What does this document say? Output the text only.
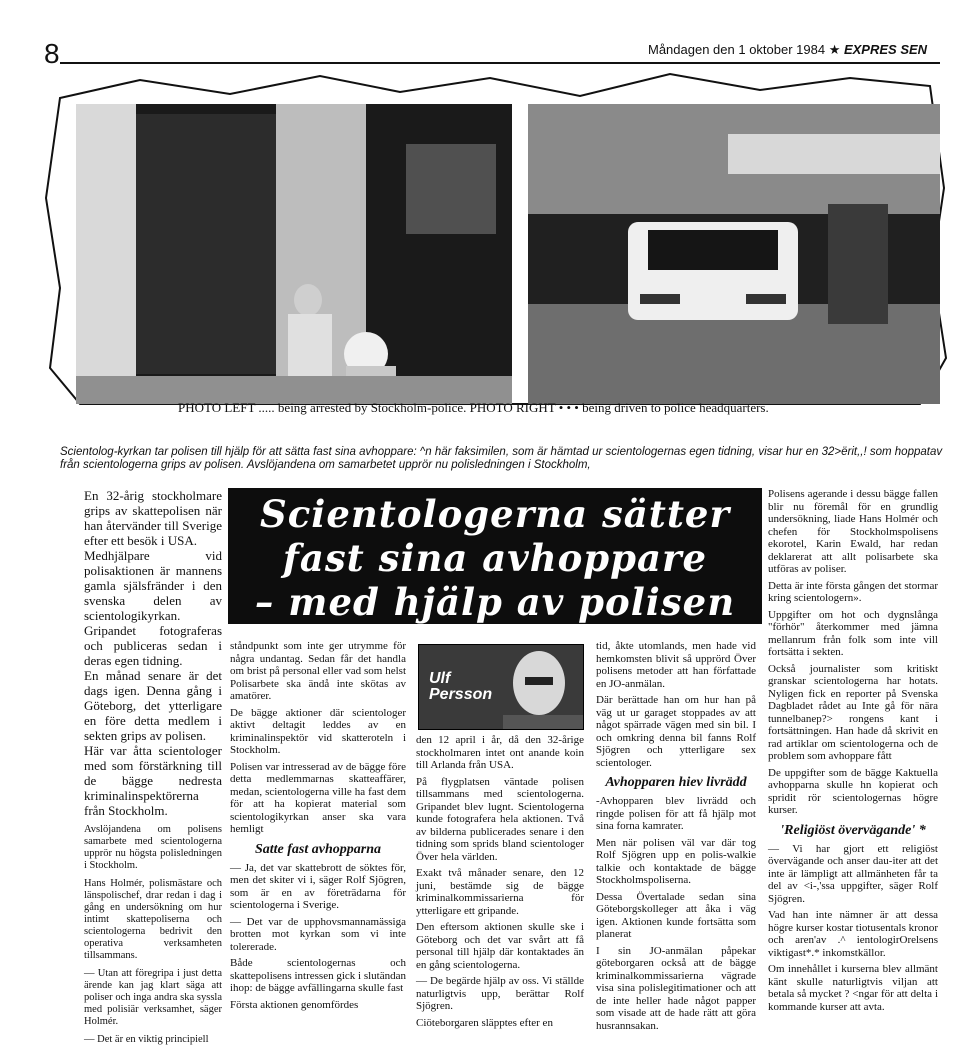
8	Måndagen den 1 oktober 1984 ★ EXPRES SEN
PHOTO LEFT ..... being arrested by Stockholm-police. PHOTO RIGHT • • • being driven to police headquarters.
Scientolog-kyrkan tar polisen till hjälp för att sätta fast sina avhoppare: ^n här faksimilen, som är hämtad ur scientologernas egen tidning, visar hur en 32>ërit,,! som hoppatav från scientologerna grips av polisen. Avslöjandena om samarbetet upprör nu polisledningen i Stockholm,
Scientologerna sätter
fast sina avhoppare
– med hjälp av polisen

En 32-årig stockholmare grips av skattepolisen när han återvänder till Sverige efter ett besök i USA.

Medhjälpare vid polisaktionen är mannens gamla själsfränder i den svenska delen av scientologikyrkan. Gripandet fotograferas och publiceras sedan i deras egen tidning.

En månad senare är det dags igen. Denna gång i Göteborg, det ytterligare en före detta medlem i sekten grips av polisen.

Här var åtta scientologer med som förstärkning till de bägge nedresta kriminalinspektörerna från Stockholm.

Avslöjandena om polisens samarbete med scientologerna upprör nu högsta polisledningen i Stockholm.

Hans Holmér, polismästare och länspolischef, drar redan i dag i gång en undersökning om hur intimt skattepoliserna och scientologerna bedrivit den operativa verksamheten tillsammans.

— Utan att föregripa i just detta ärende kan jag klart säga att poliser och inga andra ska syssla med polisiär verksamhet, säger Holmér.

— Det är en viktig principiell

ståndpunkt som inte ger utrymme för några undantag. Sedan får det handla om brist på personal eller vad som helst Polisarbete ska ändå inte skötas av amatörer.

De bägge aktioner där scientologer aktivt deltagit leddes av en kriminalinspektör vid skatteroteln i Stockholm.

Polisen var intresserad av de bägge före detta medlemmarnas skatteaffärer, medan, scientologerna ville ha fast dem för att ha kopierat material som scientologikyrkan anser ska vara hemligt

Satte fast avhopparna

— Ja, det var skattebrott de söktes för, men det skiter vi i, säger Rolf Sjögren, som är en av företrädarna för scientologerna i Sverige.

— Det var de upphovsmannamässiga brotten mot kyrkan som vi inte tolererade.

Både scientologernas och skattepolisens intressen gick i slutändan ihop: de bägge avfällingarna skulle fast

Första aktionen genomfördes

Ulf
Persson

den 12 april i år, då den 32-årige stockholmaren intet ont anande koin till Arlanda från USA.

På flygplatsen väntade polisen tillsammans med scientologerna. Gripandet blev lugnt. Scientologerna kunde fotografera hela aktionen. Två av bilderna publicerades senare i den tidning som sprids bland scientologer Över hela världen.

Exakt två månader senare, den 12 juni, bestämde sig de bägge kriminalkommissarierna för ytterligare ett gripande.

Den eftersom aktionen skulle ske i Göteborg och det var svårt att få personal till hjälp där kontaktades än en gång scientologerna.

— De begärde hjälp av oss. Vi ställde naturligtvis upp, berättar Rolf Sjögren.

Ciöteborgaren släpptes efter en

tid, åkte utomlands, men hade vid hemkomsten blivit så upprörd Över polisens metoder att han författade en JO-anmälan.

Där berättade han om hur han på väg ut ur garaget stoppades av att något spärrade vägen med sin bil. I och omkring denna bil fanns Rolf Sjögren och ytterligare sex scientologer.

Avhopparen hiev livrädd

-Avhopparen blev livrädd och ringde polisen för att få hjälp mot sina forna kamrater.

Men när polisen väl var där tog Rolf Sjögren upp en polis-walkie talkie och kontaktade de bägge Stockholmspoliserna.

Dessa Övertalade sedan sina Göteborgskolleger att åka i väg igen. Aktionen kunde fortsätta som planerat

I sin JO-anmälan påpekar göteborgaren också att de bägge kriminalkommissarierna vägrade visa sina polislegitimationer och att de inte heller hade något papper som visade att de hade rätt att göra husrannsakan.

Polisens agerande i dessu bägge fallen blir nu föremål för en grundlig undersökning, liade Hans Holmér och chefen för Stockholmspolisens ekorotel, Karin Ewald, har redan deklarerat att allt polisarbete ska utföras av poliser.

Detta är inte första gången det stormar kring scientologern».

Uppgifter om hot och dygnslånga "förhör" återkommer med jämna mellanrum från folk som inte vill fortsätta i sekten.

Också journalister som kritiskt granskar scientologerna har hotats. Nyligen fick en reporter på Svenska Dagbladet rådet au Inte gå för nära tunnelbanep?> rongens kant i fortsättningen. Han hade då skrivit en rad artiklar om scientologerna och de problem som avhoppare fått

De uppgifter som de bägge Kaktuella avhopparna skulle hn kopierat och spridit rör scientologernas högre kurser.

'Religiöst övervägande' *

— Vi har gjort ett religiöst övervägande och anser dau-iter att det inte är lämpligt att allmänheten får ta del av <i-,'ssa uppgifter, säger Rolf Sjögren.

Vad han inte nämner är att dessa högre kurser kostar tiotusentals kronor och aren'av .^ ientologirOrelsens viktigast*.* inkomstkällor.

Om innehållet i kurserna blev allmänt känt skulle naturligtvis viljan att betala så mycket ? <ngar för att delta i kommande kurser att avta.
